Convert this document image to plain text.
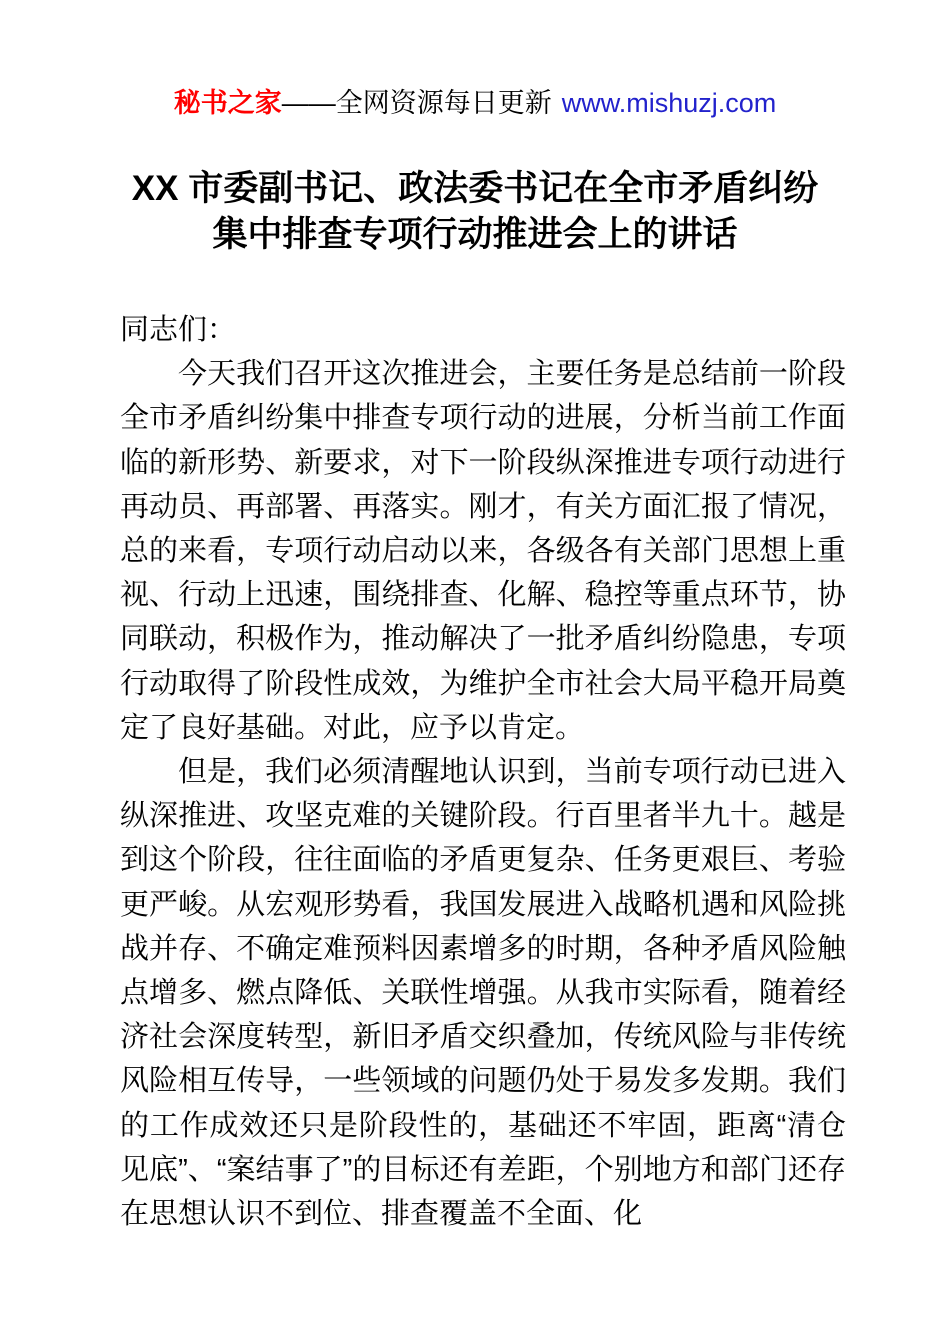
秘书之家——全网资源每日更新 www.mishuzj.com
XX 市委副书记、政法委书记在全市矛盾纠纷
集中排查专项行动推进会上的讲话

同志们：

今天我们召开这次推进会，主要任务是总结前一阶段全市矛盾纠纷集中排查专项行动的进展，分析当前工作面临的新形势、新要求，对下一阶段纵深推进专项行动进行再动员、再部署、再落实。刚才，有关方面汇报了情况，总的来看，专项行动启动以来，各级各有关部门思想上重视、行动上迅速，围绕排查、化解、稳控等重点环节，协同联动，积极作为，推动解决了一批矛盾纠纷隐患，专项行动取得了阶段性成效，为维护全市社会大局平稳开局奠定了良好基础。对此，应予以肯定。

但是，我们必须清醒地认识到，当前专项行动已进入纵深推进、攻坚克难的关键阶段。行百里者半九十。越是到这个阶段，往往面临的矛盾更复杂、任务更艰巨、考验更严峻。从宏观形势看，我国发展进入战略机遇和风险挑战并存、不确定难预料因素增多的时期，各种矛盾风险触点增多、燃点降低、关联性增强。从我市实际看，随着经济社会深度转型，新旧矛盾交织叠加，传统风险与非传统风险相互传导，一些领域的问题仍处于易发多发期。我们的工作成效还只是阶段性的，基础还不牢固，距离“清仓见底”、“案结事了”的目标还有差距，个别地方和部门还存在思想认识不到位、排查覆盖不全面、化
